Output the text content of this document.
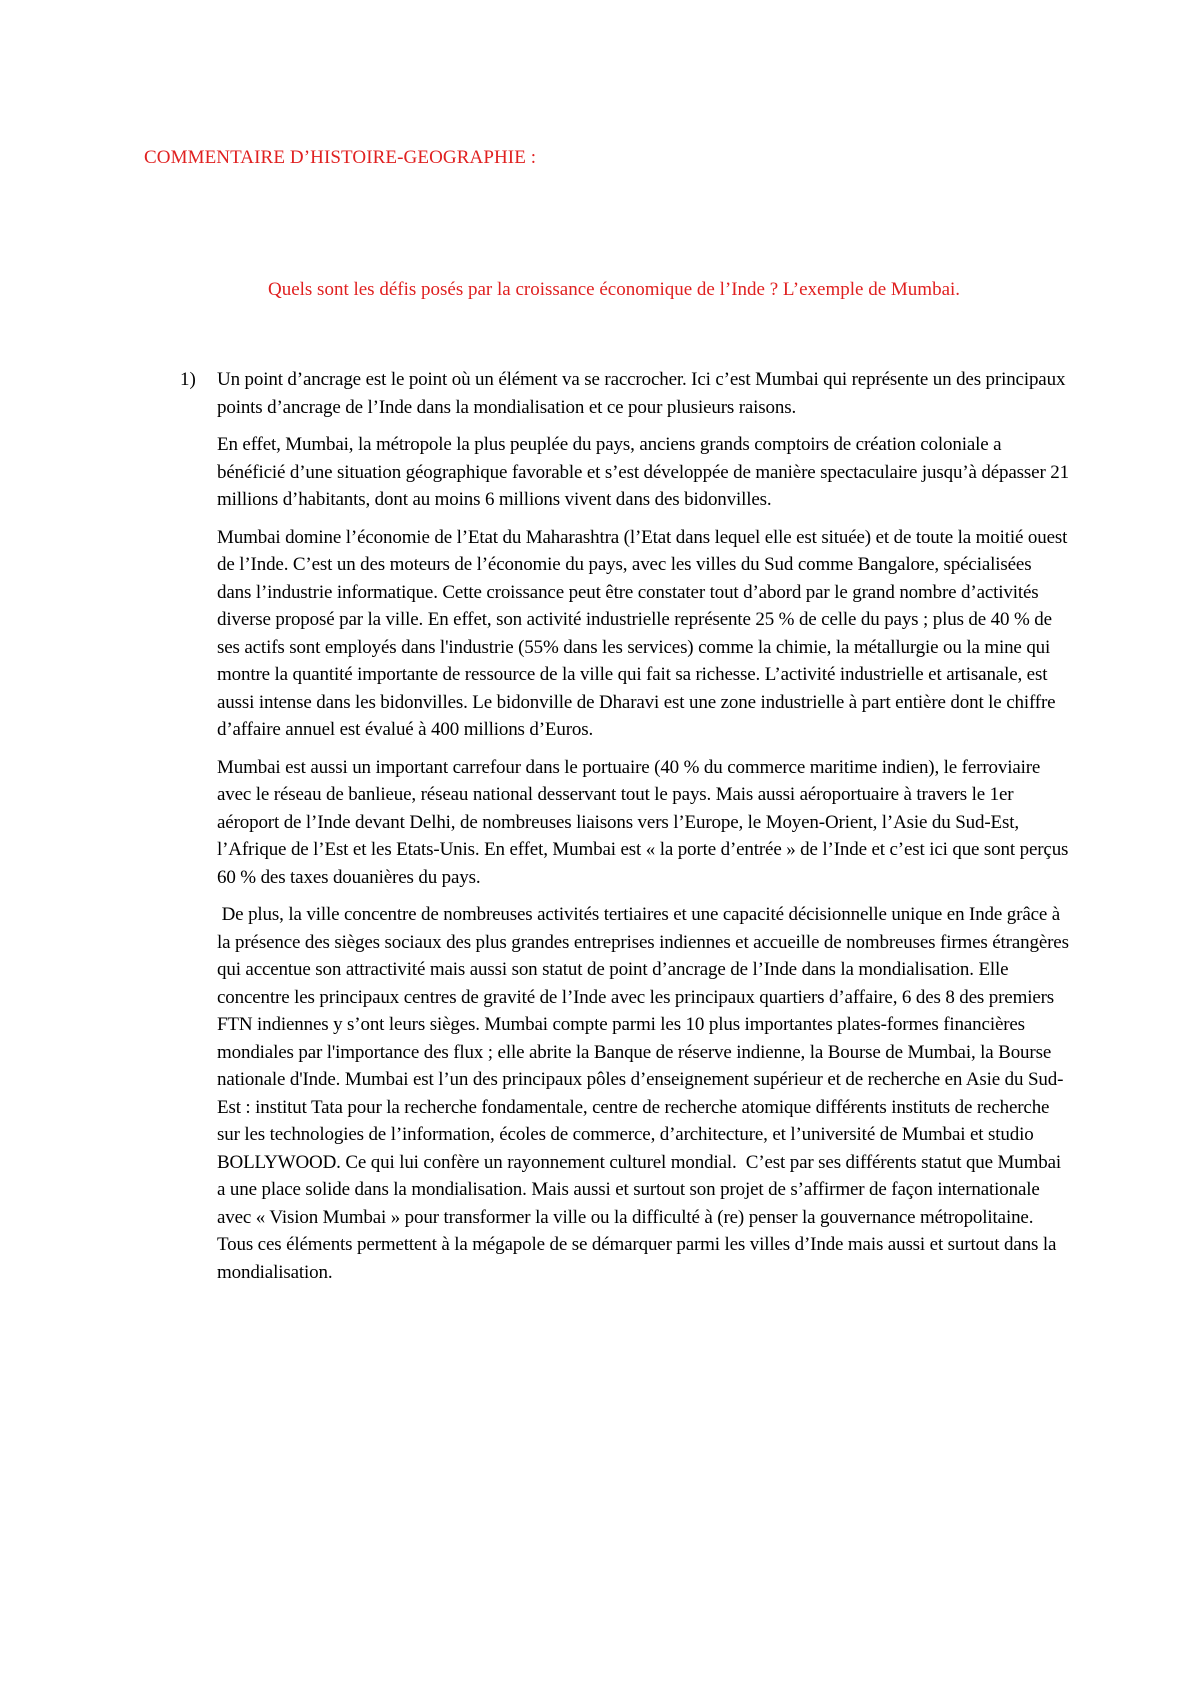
COMMENTAIRE D’HISTOIRE-GEOGRAPHIE :
Quels sont les défis posés par la croissance économique de l’Inde ? L’exemple de Mumbai.
1) Un point d’ancrage est le point où un élément va se raccrocher. Ici c’est Mumbai qui représente un des principaux points d’ancrage de l’Inde dans la mondialisation et ce pour plusieurs raisons.

En effet, Mumbai, la métropole la plus peuplée du pays, anciens grands comptoirs de création coloniale a bénéficié d’une situation géographique favorable et s’est développée de manière spectaculaire jusqu’à dépasser 21 millions d’habitants, dont au moins 6 millions vivent dans des bidonvilles.

Mumbai domine l’économie de l’Etat du Maharashtra (l’Etat dans lequel elle est située) et de toute la moitié ouest de l’Inde. C’est un des moteurs de l’économie du pays, avec les villes du Sud comme Bangalore, spécialisées dans l’industrie informatique. Cette croissance peut être constater tout d’abord par le grand nombre d’activités diverse proposé par la ville. En effet, son activité industrielle représente 25 % de celle du pays ; plus de 40 % de ses actifs sont employés dans l'industrie (55% dans les services) comme la chimie, la métallurgie ou la mine qui montre la quantité importante de ressource de la ville qui fait sa richesse. L’activité industrielle et artisanale, est aussi intense dans les bidonvilles. Le bidonville de Dharavi est une zone industrielle à part entière dont le chiffre d’affaire annuel est évalué à 400 millions d’Euros.

Mumbai est aussi un important carrefour dans le portuaire (40 % du commerce maritime indien), le ferroviaire avec le réseau de banlieue, réseau national desservant tout le pays. Mais aussi aéroportuaire à travers le 1er aéroport de l’Inde devant Delhi, de nombreuses liaisons vers l’Europe, le Moyen-Orient, l’Asie du Sud-Est, l’Afrique de l’Est et les Etats-Unis. En effet, Mumbai est « la porte d’entrée » de l’Inde et c’est ici que sont perçus 60 % des taxes douanières du pays.

De plus, la ville concentre de nombreuses activités tertiaires et une capacité décisionnelle unique en Inde grâce à la présence des sièges sociaux des plus grandes entreprises indiennes et accueille de nombreuses firmes étrangères qui accentue son attractivité mais aussi son statut de point d’ancrage de l’Inde dans la mondialisation. Elle concentre les principaux centres de gravité de l’Inde avec les principaux quartiers d’affaire, 6 des 8 des premiers FTN indiennes y s’ont leurs sièges. Mumbai compte parmi les 10 plus importantes plates-formes financières mondiales par l'importance des flux ; elle abrite la Banque de réserve indienne, la Bourse de Mumbai, la Bourse nationale d'Inde. Mumbai est l’un des principaux pôles d’enseignement supérieur et de recherche en Asie du Sud-Est : institut Tata pour la recherche fondamentale, centre de recherche atomique différents instituts de recherche sur les technologies de l’information, écoles de commerce, d’architecture, et l’université de Mumbai et studio BOLLYWOOD. Ce qui lui confère un rayonnement culturel mondial.  C’est par ses différents statut que Mumbai a une place solide dans la mondialisation. Mais aussi et surtout son projet de s’affirmer de façon internationale avec « Vision Mumbai » pour transformer la ville ou la difficulté à (re) penser la gouvernance métropolitaine. Tous ces éléments permettent à la mégapole de se démarquer parmi les villes d’Inde mais aussi et surtout dans la mondialisation.
